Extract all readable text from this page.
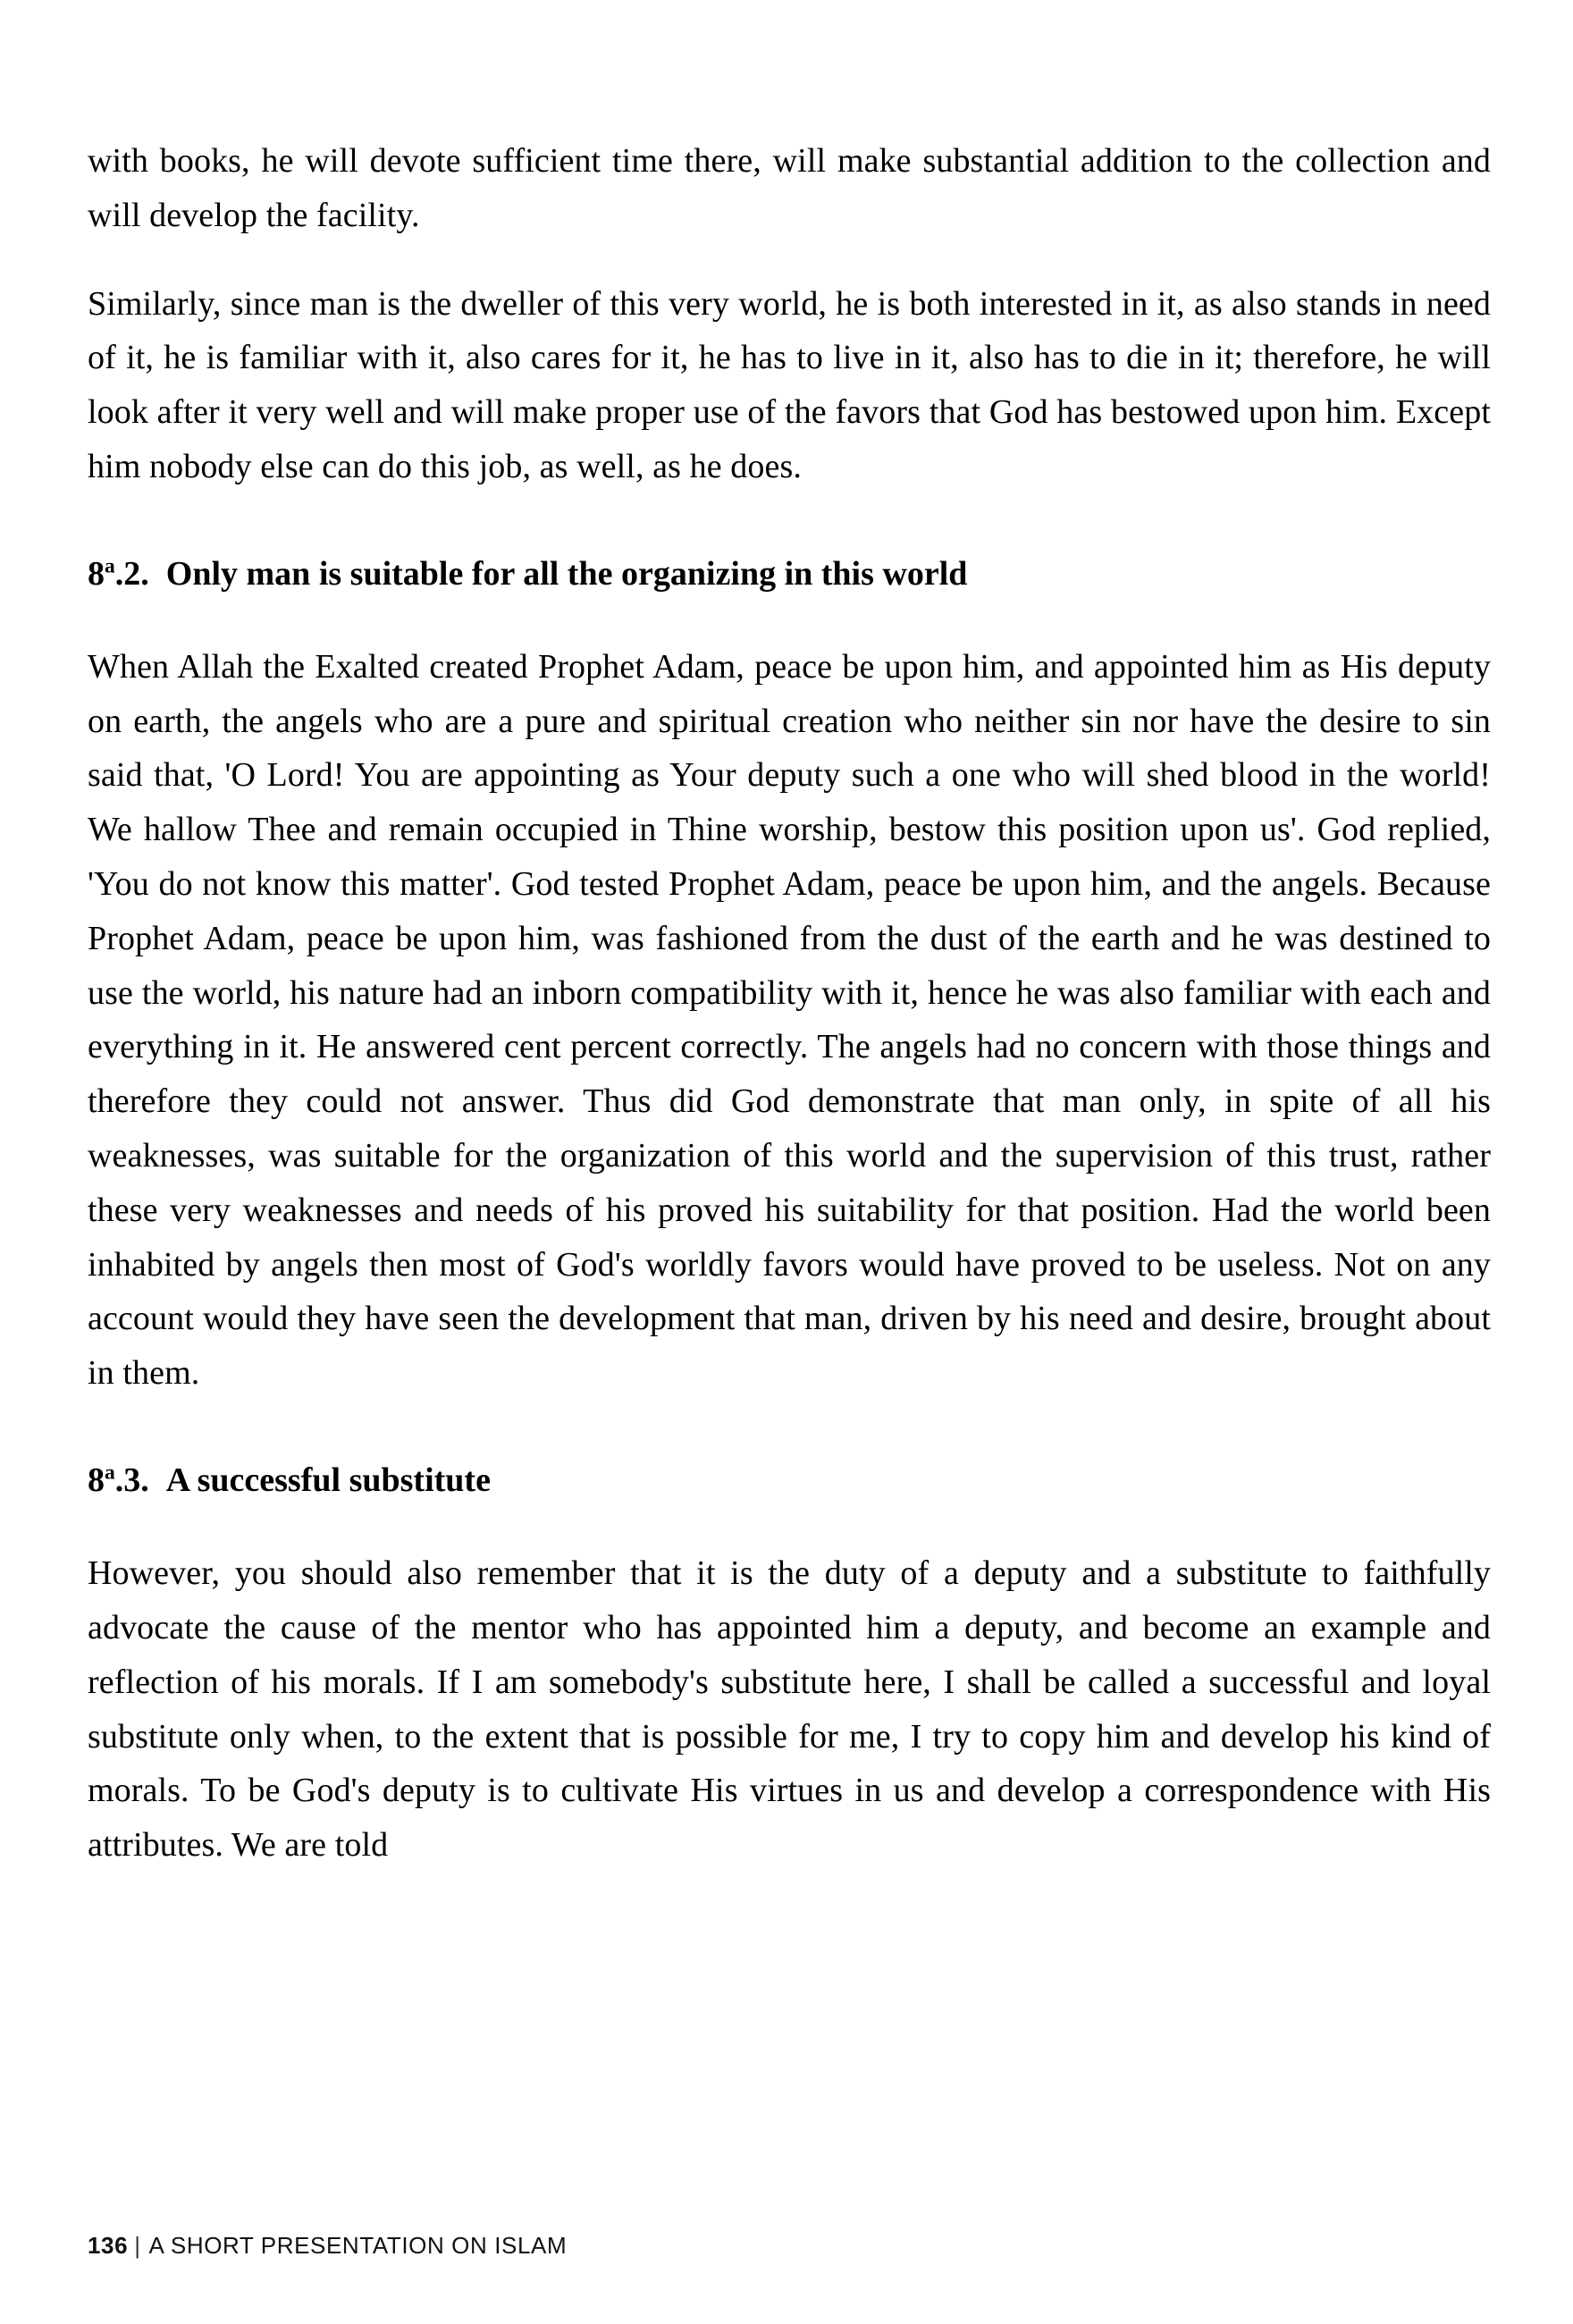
with books, he will devote sufficient time there, will make substantial addition to the collection and will develop the facility.

Similarly, since man is the dweller of this very world, he is both interested in it, as also stands in need of it, he is familiar with it, also cares for it, he has to live in it, also has to die in it; therefore, he will look after it very well and will make proper use of the favors that God has bestowed upon him. Except him nobody else can do this job, as well, as he does.

8$^a$.2. Only man is suitable for all the organizing in this world

When Allah the Exalted created Prophet Adam, peace be upon him, and appointed him as His deputy on earth, the angels who are a pure and spiritual creation who neither sin nor have the desire to sin said that, 'O Lord! You are appointing as Your deputy such a one who will shed blood in the world! We hallow Thee and remain occupied in Thine worship, bestow this position upon us'. God replied, 'You do not know this matter'. God tested Prophet Adam, peace be upon him, and the angels. Because Prophet Adam, peace be upon him, was fashioned from the dust of the earth and he was destined to use the world, his nature had an inborn compatibility with it, hence he was also familiar with each and everything in it. He answered cent percent correctly. The angels had no concern with those things and therefore they could not answer. Thus did God demonstrate that man only, in spite of all his weaknesses, was suitable for the organization of this world and the supervision of this trust, rather these very weaknesses and needs of his proved his suitability for that position. Had the world been inhabited by angels then most of God's worldly favors would have proved to be useless. Not on any account would they have seen the development that man, driven by his need and desire, brought about in them.

8$^a$.3. A successful substitute

However, you should also remember that it is the duty of a deputy and a substitute to faithfully advocate the cause of the mentor who has appointed him a deputy, and become an example and reflection of his morals. If I am somebody's substitute here, I shall be called a successful and loyal substitute only when, to the extent that is possible for me, I try to copy him and develop his kind of morals. To be God's deputy is to cultivate His virtues in us and develop a correspondence with His attributes. We are told

136 | A SHORT PRESENTATION ON ISLAM
